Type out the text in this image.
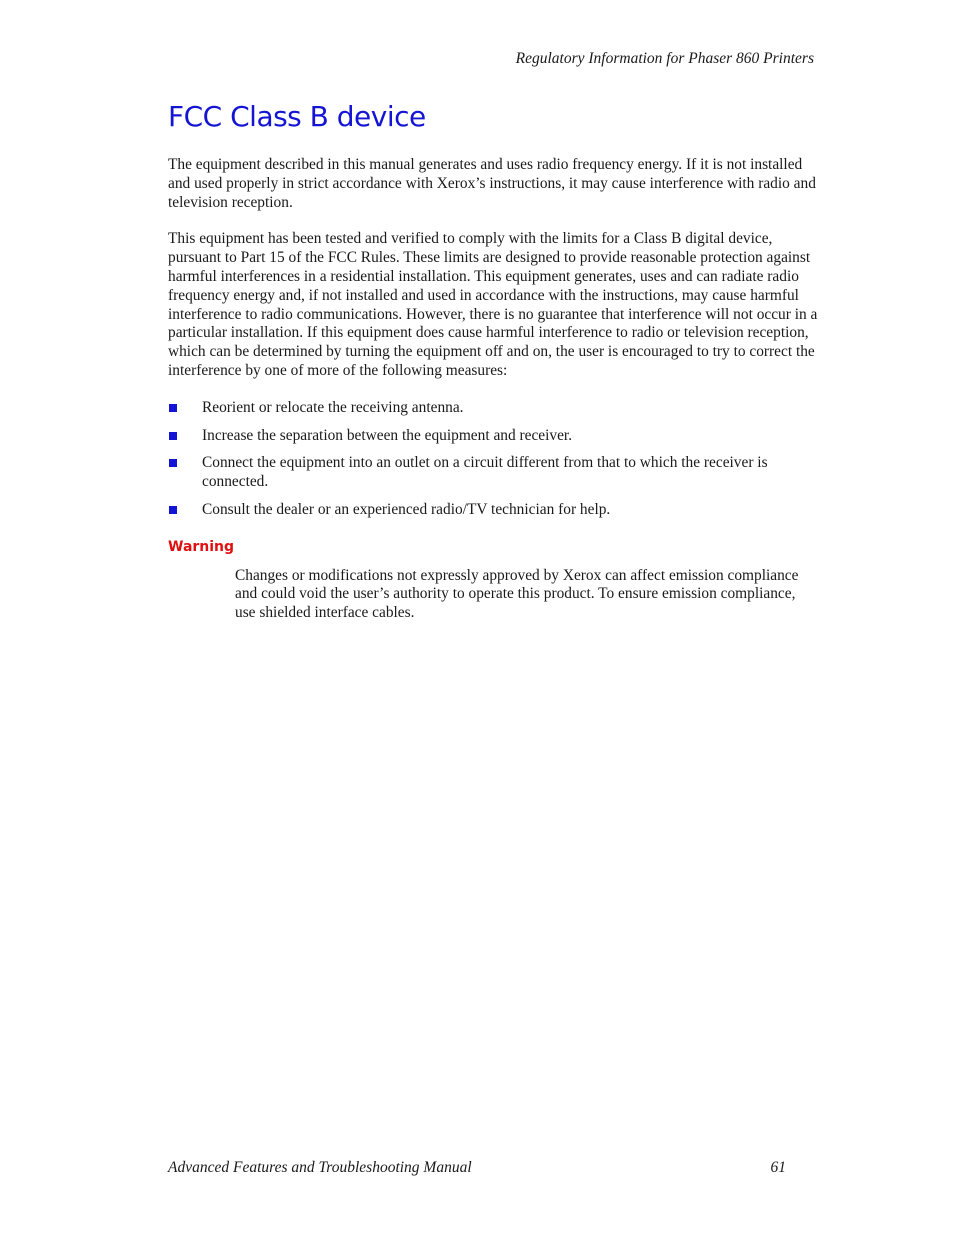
Regulatory Information for Phaser 860 Printers
FCC Class B device

The equipment described in this manual generates and uses radio frequency energy. If it is not installed and used properly in strict accordance with Xerox’s instructions, it may cause interference with radio and television reception.

This equipment has been tested and verified to comply with the limits for a Class B digital device, pursuant to Part 15 of the FCC Rules. These limits are designed to provide reasonable protection against harmful interferences in a residential installation. This equipment generates, uses and can radiate radio frequency energy and, if not installed and used in accordance with the instructions, may cause harmful interference to radio communications. However, there is no guarantee that interference will not occur in a particular installation. If this equipment does cause harmful interference to radio or television reception, which can be determined by turning the equipment off and on, the user is encouraged to try to correct the interference by one of more of the following measures:

Reorient or relocate the receiving antenna.
Increase the separation between the equipment and receiver.
Connect the equipment into an outlet on a circuit different from that to which the receiver is connected.
Consult the dealer or an experienced radio/TV technician for help.
Warning

Changes or modifications not expressly approved by Xerox can affect emission compliance and could void the user’s authority to operate this product. To ensure emission compliance, use shielded interface cables.

Advanced Features and Troubleshooting Manual	61
